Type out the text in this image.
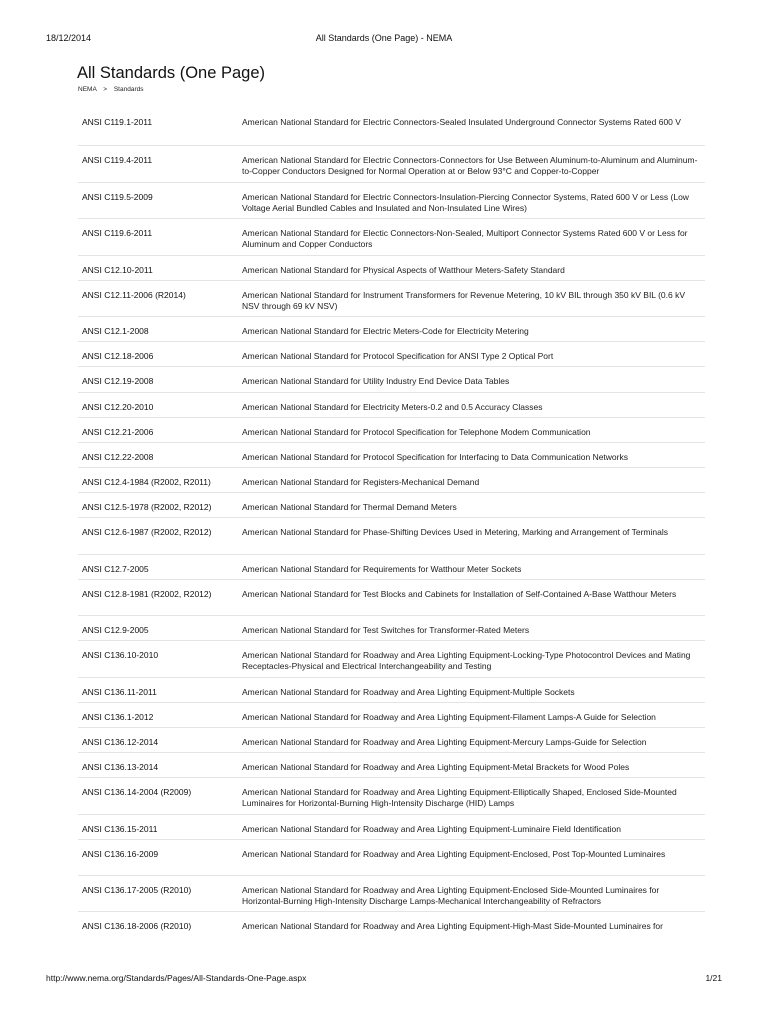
18/12/2014	All Standards (One Page) - NEMA
All Standards (One Page)
NEMA > Standards
ANSI C119.1-2011	American National Standard for Electric Connectors-Sealed Insulated Underground Connector Systems Rated 600 V
ANSI C119.4-2011	American National Standard for Electric Connectors-Connectors for Use Between Aluminum-to-Aluminum and Aluminum-to-Copper Conductors Designed for Normal Operation at or Below 93°C and Copper-to-Copper
ANSI C119.5-2009	American National Standard for Electric Connectors-Insulation-Piercing Connector Systems, Rated 600 V or Less (Low Voltage Aerial Bundled Cables and Insulated and Non-Insulated Line Wires)
ANSI C119.6-2011	American National Standard for Electic Connectors-Non-Sealed, Multiport Connector Systems Rated 600 V or Less for Aluminum and Copper Conductors
ANSI C12.10-2011	American National Standard for Physical Aspects of Watthour Meters-Safety Standard
ANSI C12.11-2006 (R2014)	American National Standard for Instrument Transformers for Revenue Metering, 10 kV BIL through 350 kV BIL (0.6 kV NSV through 69 kV NSV)
ANSI C12.1-2008	American National Standard for Electric Meters-Code for Electricity Metering
ANSI C12.18-2006	American National Standard for Protocol Specification for ANSI Type 2 Optical Port
ANSI C12.19-2008	American National Standard for Utility Industry End Device Data Tables
ANSI C12.20-2010	American National Standard for Electricity Meters-0.2 and 0.5 Accuracy Classes
ANSI C12.21-2006	American National Standard for Protocol Specification for Telephone Modem Communication
ANSI C12.22-2008	American National Standard for Protocol Specification for Interfacing to Data Communication Networks
ANSI C12.4-1984 (R2002, R2011)	American National Standard for Registers-Mechanical Demand
ANSI C12.5-1978 (R2002, R2012)	American National Standard for Thermal Demand Meters
ANSI C12.6-1987 (R2002, R2012)	American National Standard for Phase-Shifting Devices Used in Metering, Marking and Arrangement of Terminals
ANSI C12.7-2005	American National Standard for Requirements for Watthour Meter Sockets
ANSI C12.8-1981 (R2002, R2012)	American National Standard for Test Blocks and Cabinets for Installation of Self-Contained A-Base Watthour Meters
ANSI C12.9-2005	American National Standard for Test Switches for Transformer-Rated Meters
ANSI C136.10-2010	American National Standard for Roadway and Area Lighting Equipment-Locking-Type Photocontrol Devices and Mating Receptacles-Physical and Electrical Interchangeability and Testing
ANSI C136.11-2011	American National Standard for Roadway and Area Lighting Equipment-Multiple Sockets
ANSI C136.1-2012	American National Standard for Roadway and Area Lighting Equipment-Filament Lamps-A Guide for Selection
ANSI C136.12-2014	American National Standard for Roadway and Area Lighting Equipment-Mercury Lamps-Guide for Selection
ANSI C136.13-2014	American National Standard for Roadway and Area Lighting Equipment-Metal Brackets for Wood Poles
ANSI C136.14-2004 (R2009)	American National Standard for Roadway and Area Lighting Equipment-Elliptically Shaped, Enclosed Side-Mounted Luminaires for Horizontal-Burning High-Intensity Discharge (HID) Lamps
ANSI C136.15-2011	American National Standard for Roadway and Area Lighting Equipment-Luminaire Field Identification
ANSI C136.16-2009	American National Standard for Roadway and Area Lighting Equipment-Enclosed, Post Top-Mounted Luminaires
ANSI C136.17-2005 (R2010)	American National Standard for Roadway and Area Lighting Equipment-Enclosed Side-Mounted Luminaires for Horizontal-Burning High-Intensity Discharge Lamps-Mechanical Interchangeability of Refractors
ANSI C136.18-2006 (R2010)	American National Standard for Roadway and Area Lighting Equipment-High-Mast Side-Mounted Luminaires for
http://www.nema.org/Standards/Pages/All-Standards-One-Page.aspx	1/21
